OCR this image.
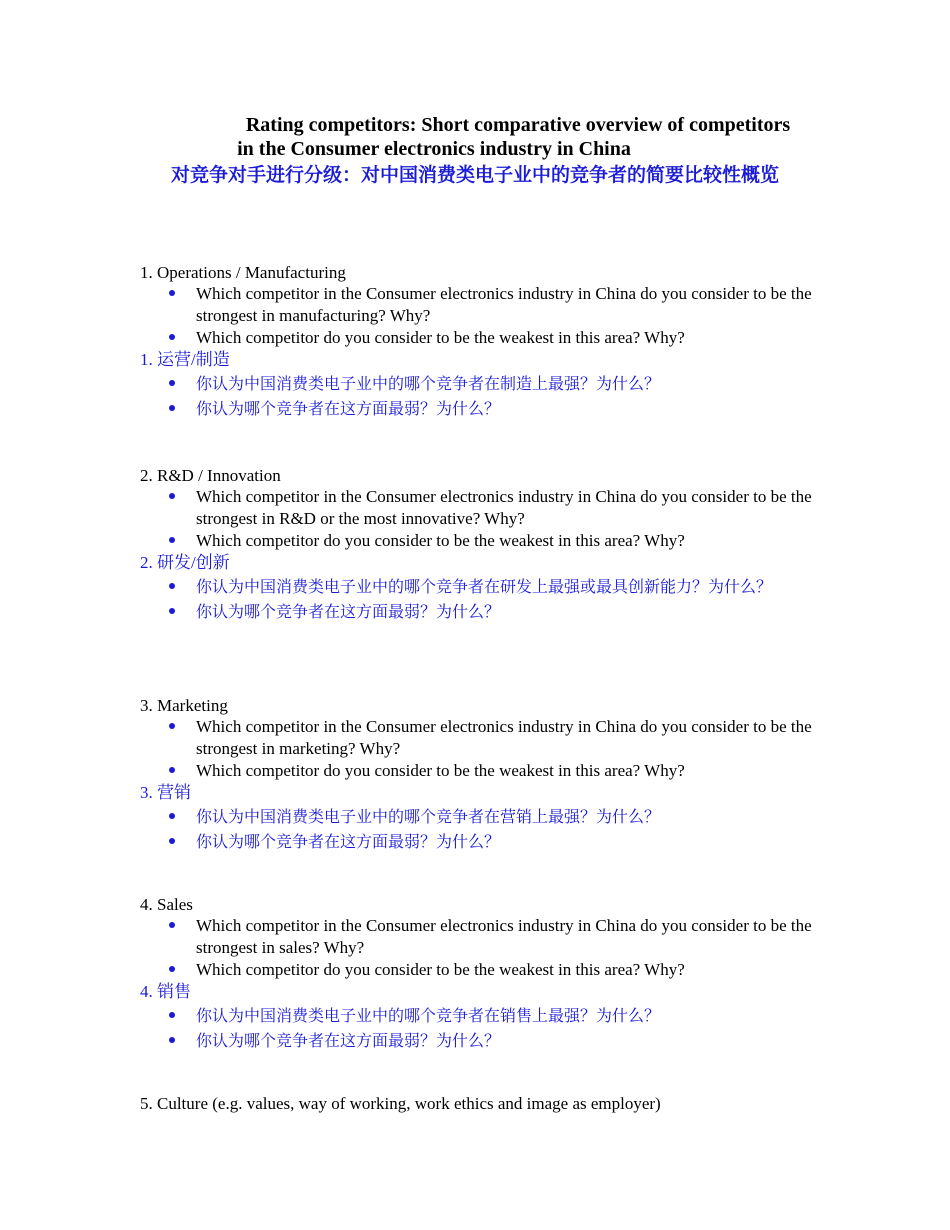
Rating competitors: Short comparative overview of competitors
in the Consumer electronics industry in China
对竞争对手进行分级：对中国消费类电子业中的竞争者的简要比较性概览
1. Operations / Manufacturing
Which competitor in the Consumer electronics industry in China do you consider to be the strongest in manufacturing? Why?
Which competitor do you consider to be the weakest in this area? Why?
1. 运营/制造
你认为中国消费类电子业中的哪个竞争者在制造上最强？为什么？
你认为哪个竞争者在这方面最弱？为什么？
2. R&D / Innovation
Which competitor in the Consumer electronics industry in China do you consider to be the strongest in R&D or the most innovative? Why?
Which competitor do you consider to be the weakest in this area? Why?
2. 研发/创新
你认为中国消费类电子业中的哪个竞争者在研发上最强或最具创新能力？为什么？
你认为哪个竞争者在这方面最弱？为什么？
3. Marketing
Which competitor in the Consumer electronics industry in China do you consider to be the strongest in marketing? Why?
Which competitor do you consider to be the weakest in this area? Why?
3. 营销
你认为中国消费类电子业中的哪个竞争者在营销上最强？为什么？
你认为哪个竞争者在这方面最弱？为什么？
4. Sales
Which competitor in the Consumer electronics industry in China do you consider to be the strongest in sales? Why?
Which competitor do you consider to be the weakest in this area? Why?
4. 销售
你认为中国消费类电子业中的哪个竞争者在销售上最强？为什么？
你认为哪个竞争者在这方面最弱？为什么？
5. Culture (e.g. values, way of working, work ethics and image as employer)
